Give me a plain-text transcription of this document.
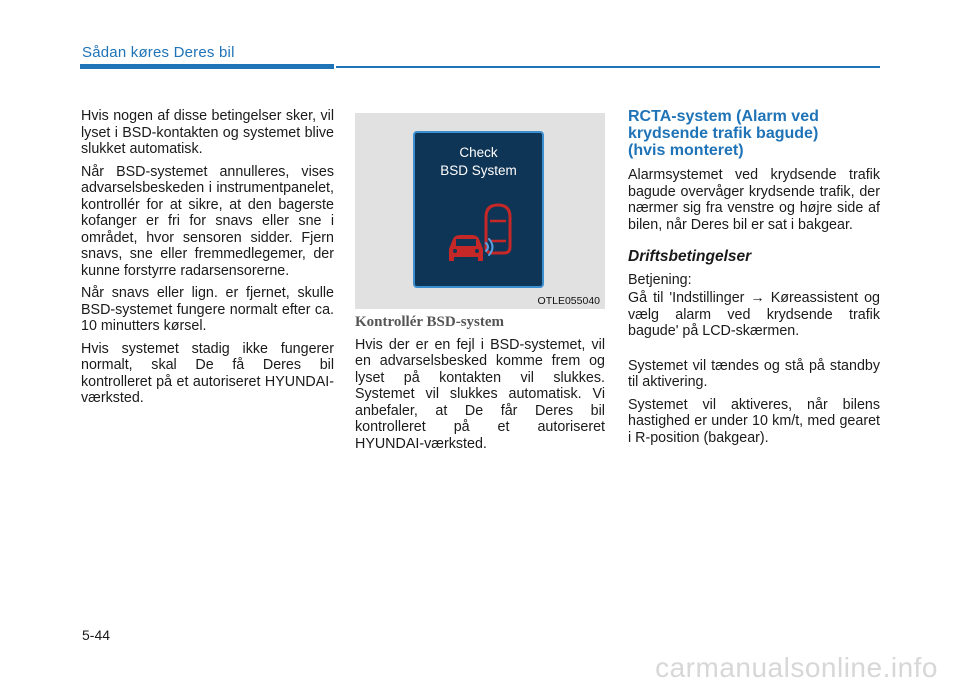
Sådan køres Deres bil

Hvis nogen af disse betingelser sker, vil lyset i BSD-kontakten og systemet blive slukket automatisk.

Når BSD-systemet annulleres, vises advarselsbeskeden i instrumentpanelet, kontrollér for at sikre, at den bagerste kofanger er fri for snavs eller sne i området, hvor sensoren sidder. Fjern snavs, sne eller fremmedlegemer, der kunne forstyrre radarsensorerne.

Når snavs eller lign. er fjernet, skulle BSD-systemet fungere normalt efter ca. 10 minutters kørsel.

Hvis systemet stadig ikke fungerer normalt, skal De få Deres bil kontrolleret på et autoriseret HYUNDAI-værksted.

Check
BSD System
OTLE055040

Kontrollér BSD-system

Hvis der er en fejl i BSD-systemet, vil en advarselsbesked komme frem og lyset på kontakten vil slukkes. Systemet vil slukkes automatisk. Vi anbefaler, at De får Deres bil kontrolleret på et autoriseret HYUNDAI-værksted.

RCTA-system (Alarm ved
krydsende trafik bagude)
(hvis monteret)

Alarmsystemet ved krydsende trafik bagude overvåger krydsende trafik, der nærmer sig fra venstre og højre side af bilen, når Deres bil er sat i bakgear.

Driftsbetingelser

Betjening:

Gå til 'Indstillinger → Køreassistent og vælg alarm ved krydsende trafik bagude' på LCD-skærmen.

Systemet vil tændes og stå på standby til aktivering.

Systemet vil aktiveres, når bilens hastighed er under 10 km/t, med gearet i R-position (bakgear).

5-44
carmanualsonline.info
